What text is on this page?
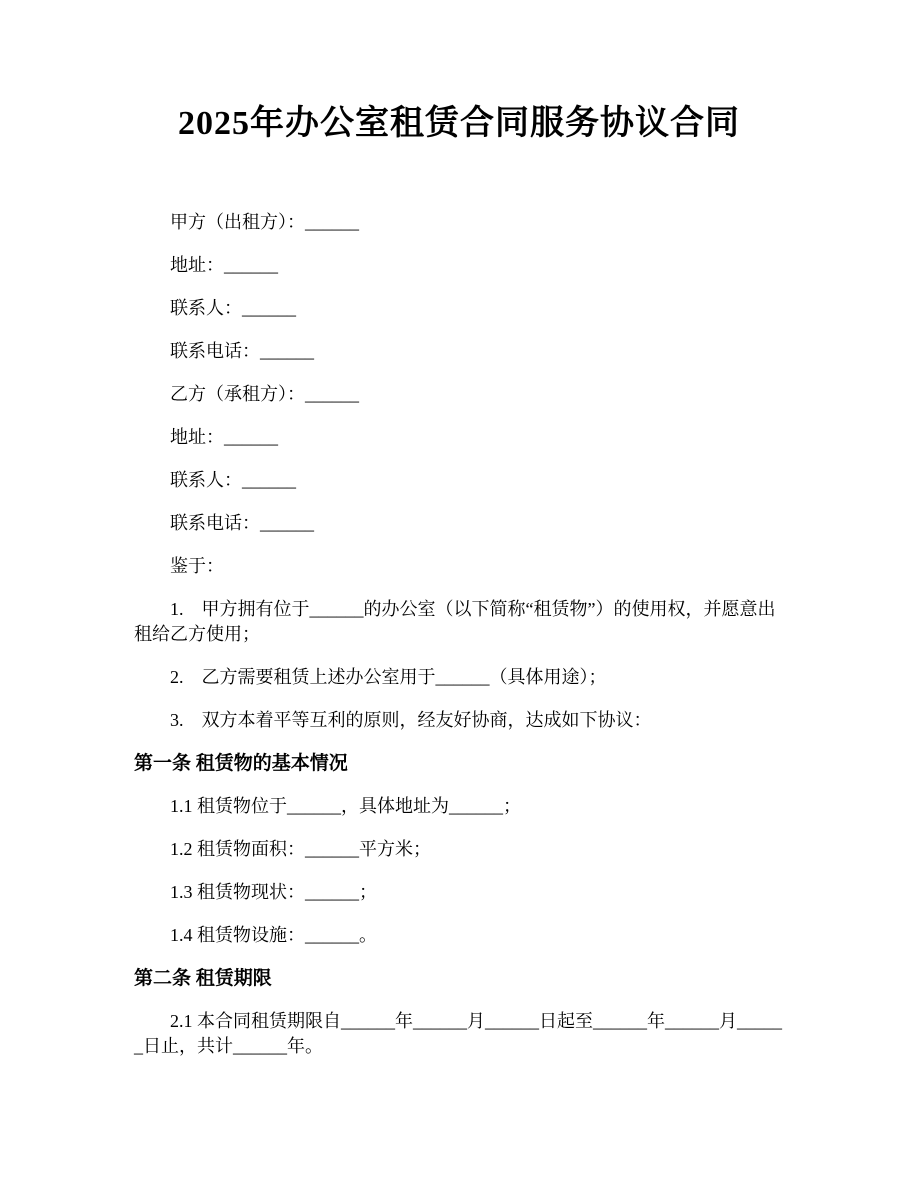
2025年办公室租赁合同服务协议合同

甲方（出租方）：______

地址：______

联系人：______

联系电话：______

乙方（承租方）：______

地址：______

联系人：______

联系电话：______

鉴于：

1.　甲方拥有位于______的办公室（以下简称“租赁物”）的使用权，并愿意出租给乙方使用；

2.　乙方需要租赁上述办公室用于______（具体用途）；

3.　双方本着平等互利的原则，经友好协商，达成如下协议：

第一条 租赁物的基本情况

1.1 租赁物位于______，具体地址为______；

1.2 租赁物面积：______平方米；

1.3 租赁物现状：______；

1.4 租赁物设施：______。

第二条 租赁期限

2.1 本合同租赁期限自______年______月______日起至______年______月______日止，共计______年。
